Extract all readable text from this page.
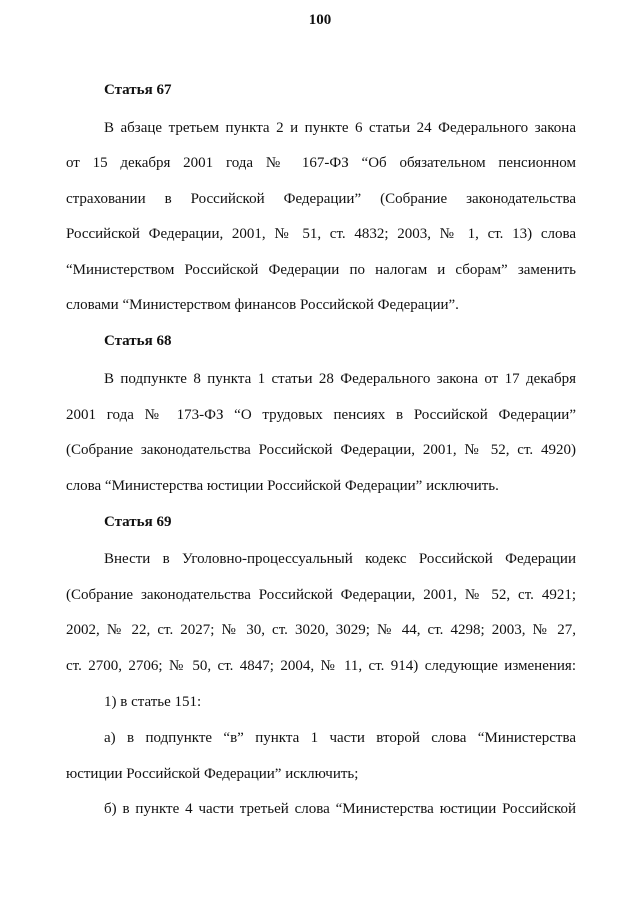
100
Статья 67
В абзаце третьем пункта 2 и пункте 6 статьи 24 Федерального закона
от 15 декабря 2001 года № 167-ФЗ “Об обязательном пенсионном
страховании в Российской Федерации” (Собрание законодательства
Российской Федерации, 2001, № 51, ст. 4832; 2003, № 1, ст. 13) слова
“Министерством Российской Федерации по налогам и сборам” заменить
словами “Министерством финансов Российской Федерации”.
Статья 68
В подпункте 8 пункта 1 статьи 28 Федерального закона от 17 декабря
2001 года № 173-ФЗ “О трудовых пенсиях в Российской Федерации”
(Собрание законодательства Российской Федерации, 2001, № 52, ст. 4920)
слова “Министерства юстиции Российской Федерации” исключить.
Статья 69
Внести в Уголовно-процессуальный кодекс Российской Федерации
(Собрание законодательства Российской Федерации, 2001, № 52, ст. 4921;
2002, № 22, ст. 2027; № 30, ст. 3020, 3029; № 44, ст. 4298; 2003, № 27,
ст. 2700, 2706; № 50, ст. 4847; 2004, № 11, ст. 914) следующие изменения:
1) в статье 151:
а) в подпункте “в” пункта 1 части второй слова “Министерства
юстиции Российской Федерации” исключить;
б) в пункте 4 части третьей слова “Министерства юстиции Российской
